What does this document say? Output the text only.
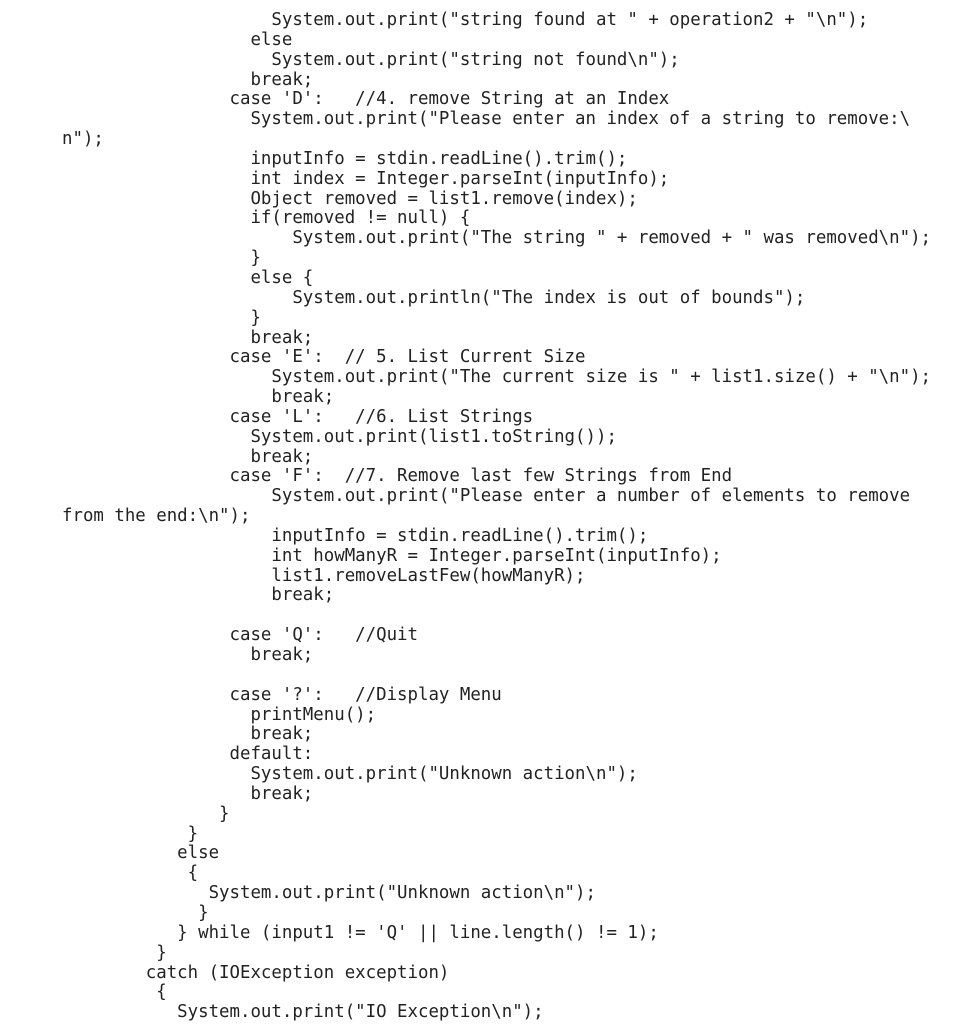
System.out.print("string found at " + operation2 + "\n");
else
System.out.print("string not found\n");
break;
case 'D':   //4. remove String at an Index
System.out.print("Please enter an index of a string to remove:\
n");
inputInfo = stdin.readLine().trim();
int index = Integer.parseInt(inputInfo);
Object removed = list1.remove(index);
if(removed != null) {
System.out.print("The string " + removed + " was removed\n");
}
else {
System.out.println("The index is out of bounds");
}
break;
case 'E':  // 5. List Current Size
System.out.print("The current size is " + list1.size() + "\n");
break;
case 'L':   //6. List Strings
System.out.print(list1.toString());
break;
case 'F':  //7. Remove last few Strings from End
System.out.print("Please enter a number of elements to remove
from the end:\n");
inputInfo = stdin.readLine().trim();
int howManyR = Integer.parseInt(inputInfo);
list1.removeLastFew(howManyR);
break;
case 'Q':   //Quit
break;
case '?':   //Display Menu
printMenu();
break;
default:
System.out.print("Unknown action\n");
break;
}
}
else
{
System.out.print("Unknown action\n");
}
} while (input1 != 'Q' || line.length() != 1);
}
catch (IOException exception)
{
System.out.print("IO Exception\n");
